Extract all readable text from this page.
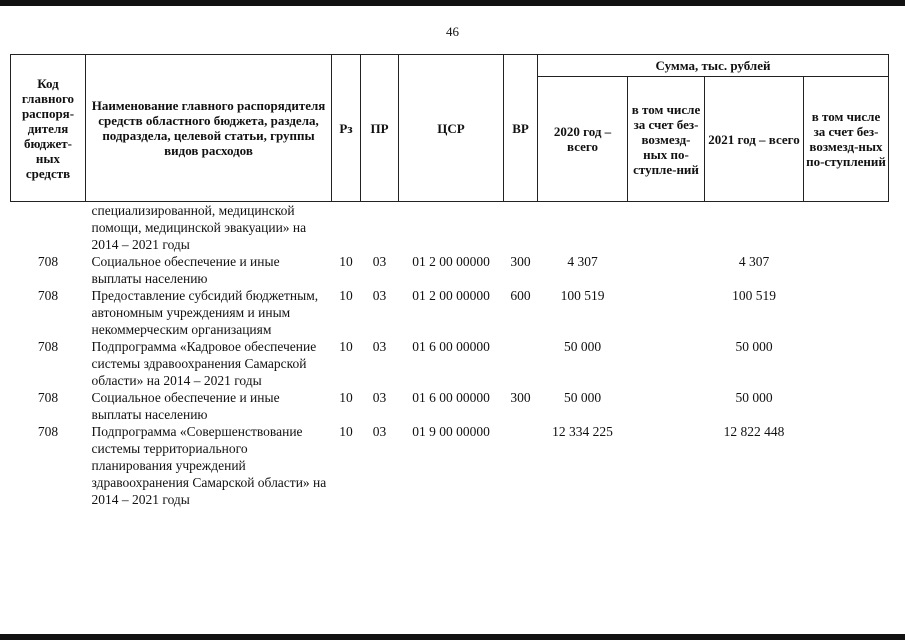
46
Код главного распоря-дителя бюджет-ных средств	Наименование главного распорядителя средств областного бюджета, раздела, подраздела, целевой статьи, группы видов расходов	Рз	ПР	ЦСР	ВР	Сумма, тыс. рублей			
						2020 год – всего	в том числе за счет без-возмезд-ных по-ступле-ний	2021 год – всего	в том числе за счет без-возмезд-ных по-ступлений
	специализированной, медицинской помощи, медицинской эвакуации» на 2014 – 2021 годы								
708	Социальное обеспечение и иные выплаты населению	10	03	01 2 00 00000	300	4 307		4 307	
708	Предоставление субсидий бюджетным, автономным учреждениям и иным некоммерческим организациям	10	03	01 2 00 00000	600	100 519		100 519	
708	Подпрограмма «Кадровое обеспечение системы здравоохранения Самарской области» на 2014 – 2021 годы	10	03	01 6 00 00000		50 000		50 000	
708	Социальное обеспечение и иные выплаты населению	10	03	01 6 00 00000	300	50 000		50 000	
708	Подпрограмма «Совершенствование системы территориального планирования учреждений здравоохранения Самарской области» на 2014 – 2021 годы	10	03	01 9 00 00000		12 334 225		12 822 448	
